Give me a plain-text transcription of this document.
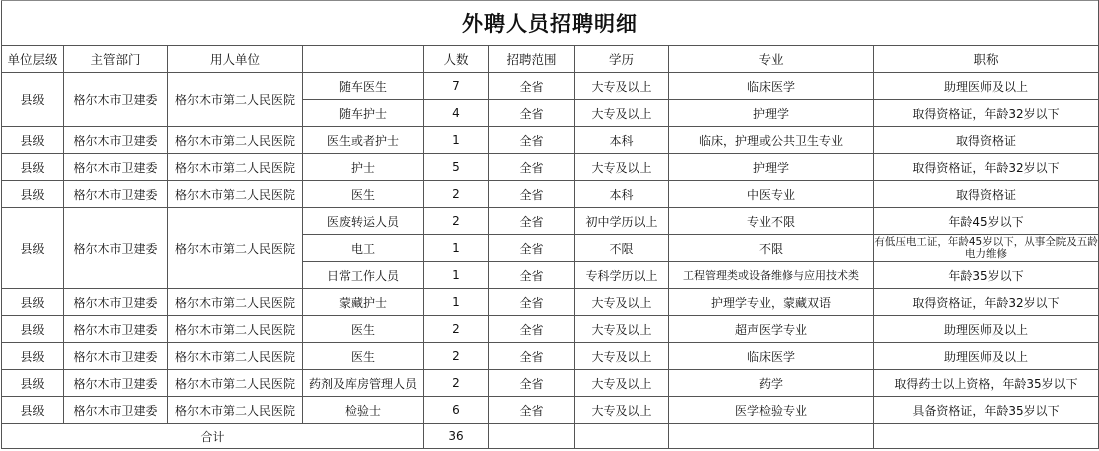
外聘人员招聘明细								
单位层级	主管部门	用人单位		人数	招聘范围	学历	专业	职称
县级	格尔木市卫建委	格尔木市第二人民医院	随车医生	7	全省	大专及以上	临床医学	助理医师及以上
			随车护士	4	全省	大专及以上	护理学	取得资格证，年龄32岁以下
县级	格尔木市卫建委	格尔木市第二人民医院	医生或者护士	1	全省	本科	临床，护理或公共卫生专业	取得资格证
县级	格尔木市卫建委	格尔木市第二人民医院	护士	5	全省	大专及以上	护理学	取得资格证，年龄32岁以下
县级	格尔木市卫建委	格尔木市第二人民医院	医生	2	全省	本科	中医专业	取得资格证
县级	格尔木市卫建委	格尔木市第二人民医院	医废转运人员	2	全省	初中学历以上	专业不限	年龄45岁以下
			电工	1	全省	不限	不限	有低压电工证，年龄45岁以下，从事全院及五龄电力维修
			日常工作人员	1	全省	专科学历以上	工程管理类或设备维修与应用技术类	年龄35岁以下
县级	格尔木市卫建委	格尔木市第二人民医院	蒙藏护士	1	全省	大专及以上	护理学专业，蒙藏双语	取得资格证，年龄32岁以下
县级	格尔木市卫建委	格尔木市第二人民医院	医生	2	全省	大专及以上	超声医学专业	助理医师及以上
县级	格尔木市卫建委	格尔木市第二人民医院	医生	2	全省	大专及以上	临床医学	助理医师及以上
县级	格尔木市卫建委	格尔木市第二人民医院	药剂及库房管理人员	2	全省	大专及以上	药学	取得药士以上资格，年龄35岁以下
县级	格尔木市卫建委	格尔木市第二人民医院	检验士	6	全省	大专及以上	医学检验专业	具备资格证，年龄35岁以下
合计				36				
